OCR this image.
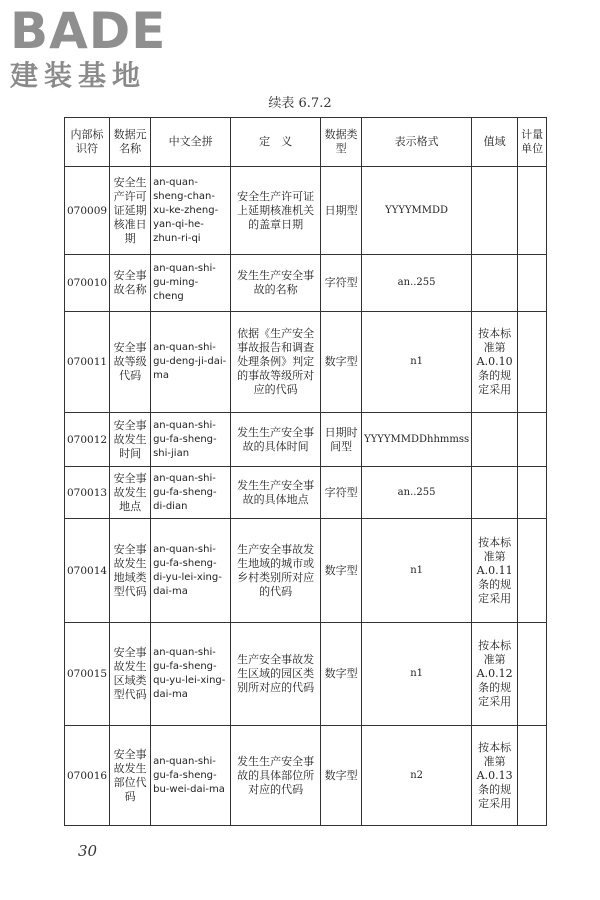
BADE
建装基地
续表 6.7.2
内部标识符	数据元名称	中文全拼	定　义	数据类型	表示格式	值域	计量单位
070009	安全生产许可证延期核准日期	an-quan-sheng-chan-xu-ke-zheng-yan-qi-he-zhun-ri-qi	安全生产许可证上延期核准机关的盖章日期	日期型	YYYYMMDD		
070010	安全事故名称	an-quan-shi-gu-ming-cheng	发生生产安全事故的名称	字符型	an..255		
070011	安全事故等级代码	an-quan-shi-gu-deng-ji-dai-ma	依据《生产安全事故报告和调查处理条例》判定的事故等级所对应的代码	数字型	n1	按本标准第A.0.10条的规定采用	
070012	安全事故发生时间	an-quan-shi-gu-fa-sheng-shi-jian	发生生产安全事故的具体时间	日期时间型	YYYYMMDDhhmmss		
070013	安全事故发生地点	an-quan-shi-gu-fa-sheng-di-dian	发生生产安全事故的具体地点	字符型	an..255		
070014	安全事故发生地域类型代码	an-quan-shi-gu-fa-sheng-di-yu-lei-xing-dai-ma	生产安全事故发生地域的城市或乡村类别所对应的代码	数字型	n1	按本标准第A.0.11条的规定采用	
070015	安全事故发生区域类型代码	an-quan-shi-gu-fa-sheng-qu-yu-lei-xing-dai-ma	生产安全事故发生区域的园区类别所对应的代码	数字型	n1	按本标准第A.0.12条的规定采用	
070016	安全事故发生部位代码	an-quan-shi-gu-fa-sheng-bu-wei-dai-ma	发生生产安全事故的具体部位所对应的代码	数字型	n2	按本标准第A.0.13条的规定采用	
30
